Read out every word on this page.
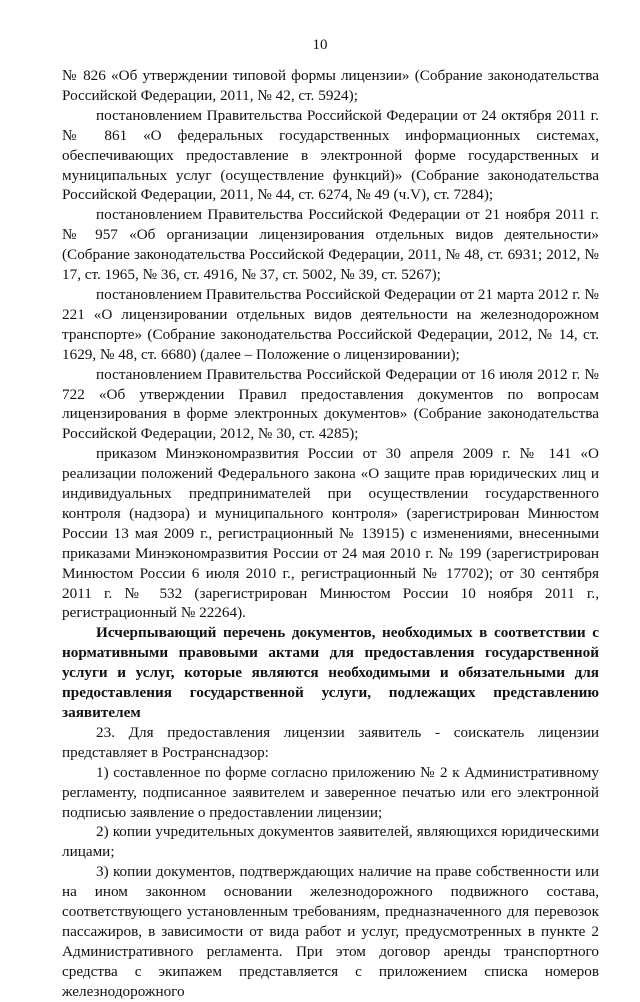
10

№ 826 «Об утверждении типовой формы лицензии» (Собрание законодательства Российской Федерации, 2011, № 42, ст. 5924);

постановлением Правительства Российской Федерации от 24 октября 2011 г. № 861 «О федеральных государственных информационных системах, обеспечивающих предоставление в электронной форме государственных и муниципальных услуг (осуществление функций)» (Собрание законодательства Российской Федерации, 2011, № 44, ст. 6274, № 49 (ч.V), ст. 7284);

постановлением Правительства Российской Федерации от 21 ноября 2011 г. № 957 «Об организации лицензирования отдельных видов деятельности» (Собрание законодательства Российской Федерации, 2011, № 48, ст. 6931; 2012, № 17, ст. 1965, № 36, ст. 4916, № 37, ст. 5002, № 39, ст. 5267);

постановлением Правительства Российской Федерации от 21 марта 2012 г. № 221 «О лицензировании отдельных видов деятельности на железнодорожном транспорте» (Собрание законодательства Российской Федерации, 2012, № 14, ст. 1629, № 48, ст. 6680) (далее – Положение о лицензировании);

постановлением Правительства Российской Федерации от 16 июля 2012 г. № 722 «Об утверждении Правил предоставления документов по вопросам лицензирования в форме электронных документов» (Собрание законодательства Российской Федерации, 2012, № 30, ст. 4285);

приказом Минэкономразвития России от 30 апреля 2009 г. № 141 «О реализации положений Федерального закона «О защите прав юридических лиц и индивидуальных предпринимателей при осуществлении государственного контроля (надзора) и муниципального контроля» (зарегистрирован Минюстом России 13 мая 2009 г., регистрационный № 13915) с изменениями, внесенными приказами Минэкономразвития России от 24 мая 2010 г. № 199 (зарегистрирован Минюстом России 6 июля 2010 г., регистрационный № 17702); от 30 сентября 2011 г. № 532 (зарегистрирован Минюстом России 10 ноября 2011 г., регистрационный № 22264).

Исчерпывающий перечень документов, необходимых в соответствии с нормативными правовыми актами для предоставления государственной услуги и услуг, которые являются необходимыми и обязательными для предоставления государственной услуги, подлежащих представлению заявителем

23. Для предоставления лицензии заявитель - соискатель лицензии представляет в Ространснадзор:

1) составленное по форме согласно приложению № 2 к Административному регламенту, подписанное заявителем и заверенное печатью или его электронной подписью заявление о предоставлении лицензии;

2) копии учредительных документов заявителей, являющихся юридическими лицами;

3) копии документов, подтверждающих наличие на праве собственности или на ином законном основании железнодорожного подвижного состава, соответствующего установленным требованиям, предназначенного для перевозок пассажиров, в зависимости от вида работ и услуг, предусмотренных в пункте 2 Административного регламента. При этом договор аренды транспортного средства с экипажем представляется с приложением списка номеров железнодорожного
